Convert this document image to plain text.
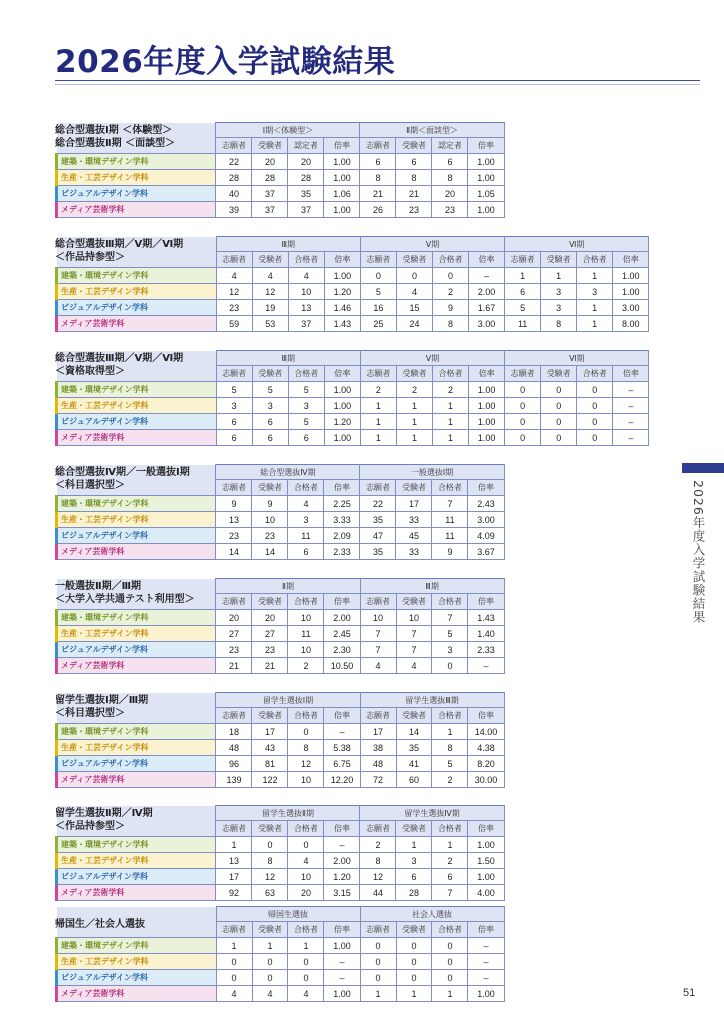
2026年度入学試験結果
2026年度入学試験結果
51
総合型選抜Ⅰ期 ＜体験型＞
総合型選抜Ⅱ期 ＜面談型＞
	Ⅰ期＜体験型＞				Ⅱ期＜面談型＞			
	志願者	受験者	認定者	倍率	志願者	受験者	認定者	倍率
建築・環境デザイン学科	22	20	20	1.00	6	6	6	1.00
生産・工芸デザイン学科	28	28	28	1.00	8	8	8	1.00
ビジュアルデザイン学科	40	37	35	1.06	21	21	20	1.05
メディア芸術学科	39	37	37	1.00	26	23	23	1.00
総合型選抜Ⅲ期／Ⅴ期／Ⅵ期
＜作品持参型＞
	Ⅲ期				Ⅴ期				Ⅵ期			
	志願者	受験者	合格者	倍率	志願者	受験者	合格者	倍率	志願者	受験者	合格者	倍率
建築・環境デザイン学科	4	4	4	1.00	0	0	0	–	1	1	1	1.00
生産・工芸デザイン学科	12	12	10	1.20	5	4	2	2.00	6	3	3	1.00
ビジュアルデザイン学科	23	19	13	1.46	16	15	9	1.67	5	3	1	3.00
メディア芸術学科	59	53	37	1.43	25	24	8	3.00	11	8	1	8.00
総合型選抜Ⅲ期／Ⅴ期／Ⅵ期
＜資格取得型＞
	Ⅲ期				Ⅴ期				Ⅵ期			
	志願者	受験者	合格者	倍率	志願者	受験者	合格者	倍率	志願者	受験者	合格者	倍率
建築・環境デザイン学科	5	5	5	1.00	2	2	2	1.00	0	0	0	–
生産・工芸デザイン学科	3	3	3	1.00	1	1	1	1.00	0	0	0	–
ビジュアルデザイン学科	6	6	5	1.20	1	1	1	1.00	0	0	0	–
メディア芸術学科	6	6	6	1.00	1	1	1	1.00	0	0	0	–
総合型選抜Ⅳ期／一般選抜Ⅰ期
＜科目選択型＞
	総合型選抜Ⅳ期				一般選抜Ⅰ期			
	志願者	受験者	合格者	倍率	志願者	受験者	合格者	倍率
建築・環境デザイン学科	9	9	4	2.25	22	17	7	2.43
生産・工芸デザイン学科	13	10	3	3.33	35	33	11	3.00
ビジュアルデザイン学科	23	23	11	2.09	47	45	11	4.09
メディア芸術学科	14	14	6	2.33	35	33	9	3.67
一般選抜Ⅱ期／Ⅲ期
＜大学入学共通テスト利用型＞
	Ⅱ期				Ⅲ期			
	志願者	受験者	合格者	倍率	志願者	受験者	合格者	倍率
建築・環境デザイン学科	20	20	10	2.00	10	10	7	1.43
生産・工芸デザイン学科	27	27	11	2.45	7	7	5	1.40
ビジュアルデザイン学科	23	23	10	2.30	7	7	3	2.33
メディア芸術学科	21	21	2	10.50	4	4	0	–
留学生選抜Ⅰ期／Ⅲ期
＜科目選択型＞
	留学生選抜Ⅰ期				留学生選抜Ⅲ期			
	志願者	受験者	合格者	倍率	志願者	受験者	合格者	倍率
建築・環境デザイン学科	18	17	0	–	17	14	1	14.00
生産・工芸デザイン学科	48	43	8	5.38	38	35	8	4.38
ビジュアルデザイン学科	96	81	12	6.75	48	41	5	8.20
メディア芸術学科	139	122	10	12.20	72	60	2	30.00
留学生選抜Ⅱ期／Ⅳ期
＜作品持参型＞
	留学生選抜Ⅱ期				留学生選抜Ⅳ期			
	志願者	受験者	合格者	倍率	志願者	受験者	合格者	倍率
建築・環境デザイン学科	1	0	0	–	2	1	1	1.00
生産・工芸デザイン学科	13	8	4	2.00	8	3	2	1.50
ビジュアルデザイン学科	17	12	10	1.20	12	6	6	1.00
メディア芸術学科	92	63	20	3.15	44	28	7	4.00
帰国生／社会人選抜
	帰国生選抜				社会人選抜			
	志願者	受験者	合格者	倍率	志願者	受験者	合格者	倍率
建築・環境デザイン学科	1	1	1	1.00	0	0	0	–
生産・工芸デザイン学科	0	0	0	–	0	0	0	–
ビジュアルデザイン学科	0	0	0	–	0	0	0	–
メディア芸術学科	4	4	4	1.00	1	1	1	1.00
